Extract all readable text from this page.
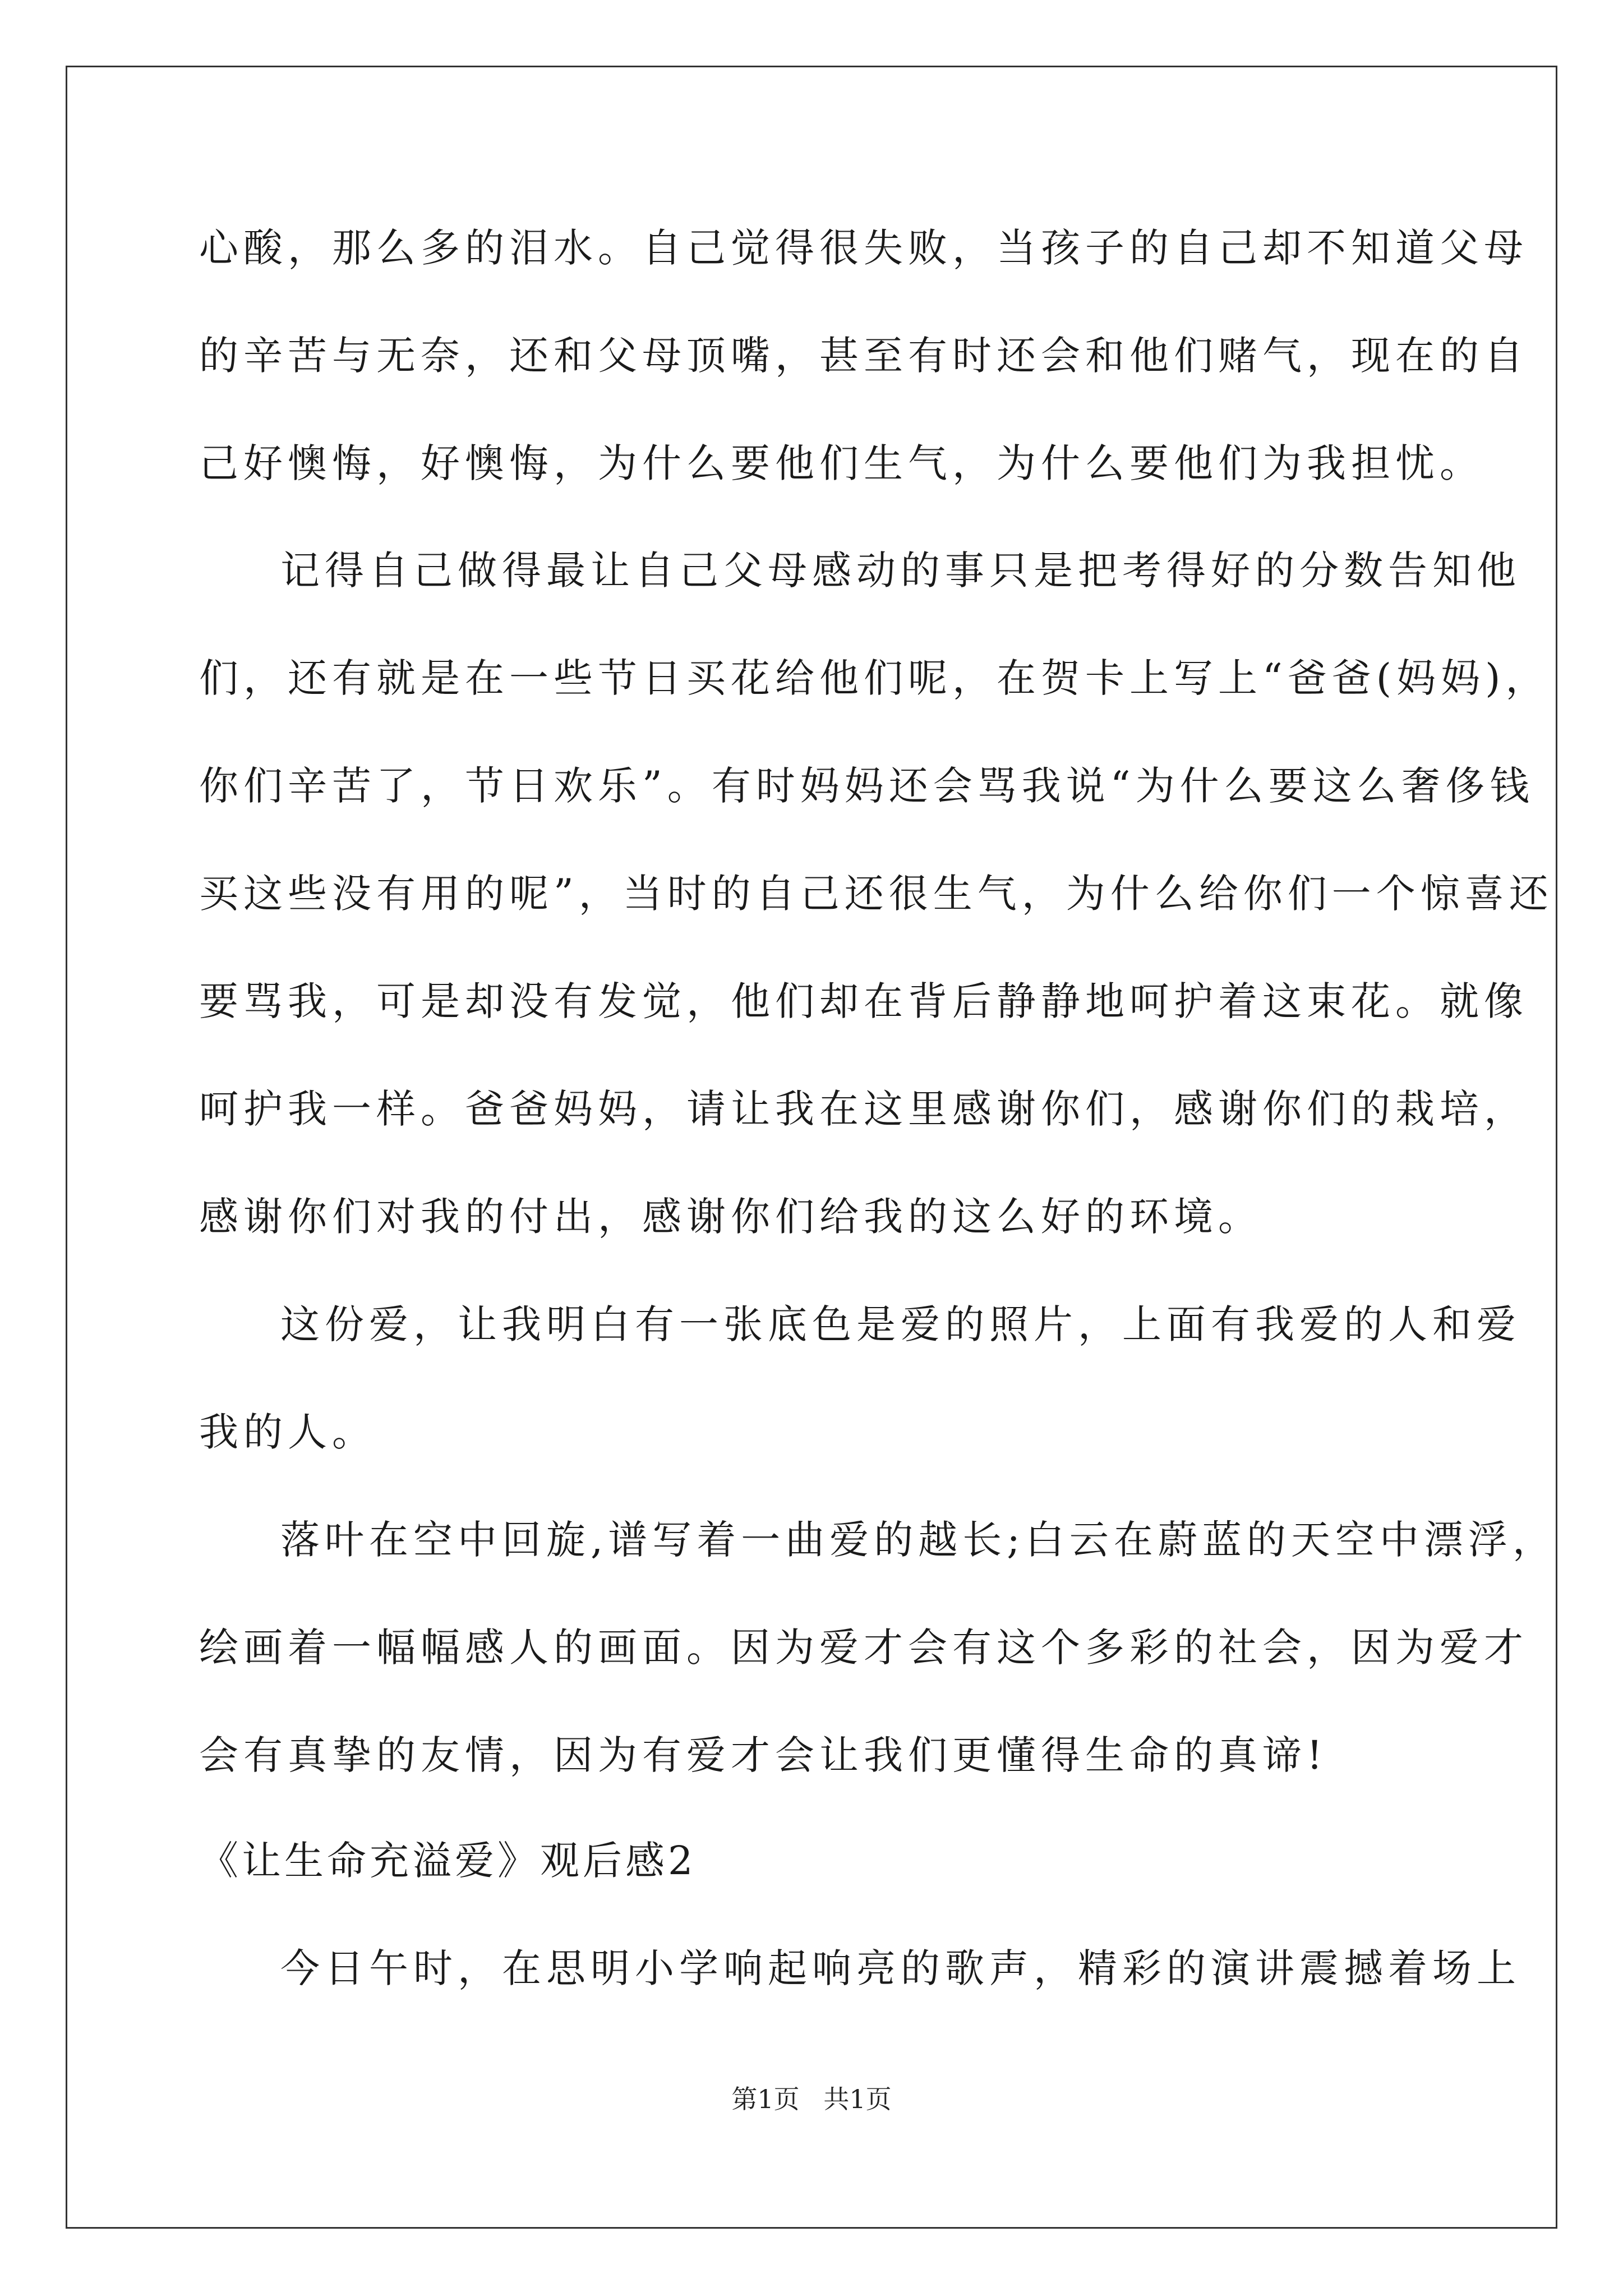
心酸，那么多的泪水。自己觉得很失败，当孩子的自己却不知道父母
的辛苦与无奈，还和父母顶嘴，甚至有时还会和他们赌气，现在的自
己好懊悔，好懊悔，为什么要他们生气，为什么要他们为我担忧。
记得自己做得最让自己父母感动的事只是把考得好的分数告知他
们，还有就是在一些节日买花给他们呢，在贺卡上写上“爸爸(妈妈)，
你们辛苦了，节日欢乐”。有时妈妈还会骂我说“为什么要这么奢侈钱
买这些没有用的呢”，当时的自己还很生气，为什么给你们一个惊喜还
要骂我，可是却没有发觉，他们却在背后静静地呵护着这束花。就像
呵护我一样。爸爸妈妈，请让我在这里感谢你们，感谢你们的栽培，
感谢你们对我的付出，感谢你们给我的这么好的环境。
这份爱，让我明白有一张底色是爱的照片，上面有我爱的人和爱
我的人。
落叶在空中回旋,谱写着一曲爱的越长;白云在蔚蓝的天空中漂浮，
绘画着一幅幅感人的画面。因为爱才会有这个多彩的社会，因为爱才
会有真挚的友情，因为有爱才会让我们更懂得生命的真谛!
《让生命充溢爱》观后感2
今日午时，在思明小学响起响亮的歌声，精彩的演讲震撼着场上
第1页 共1页
